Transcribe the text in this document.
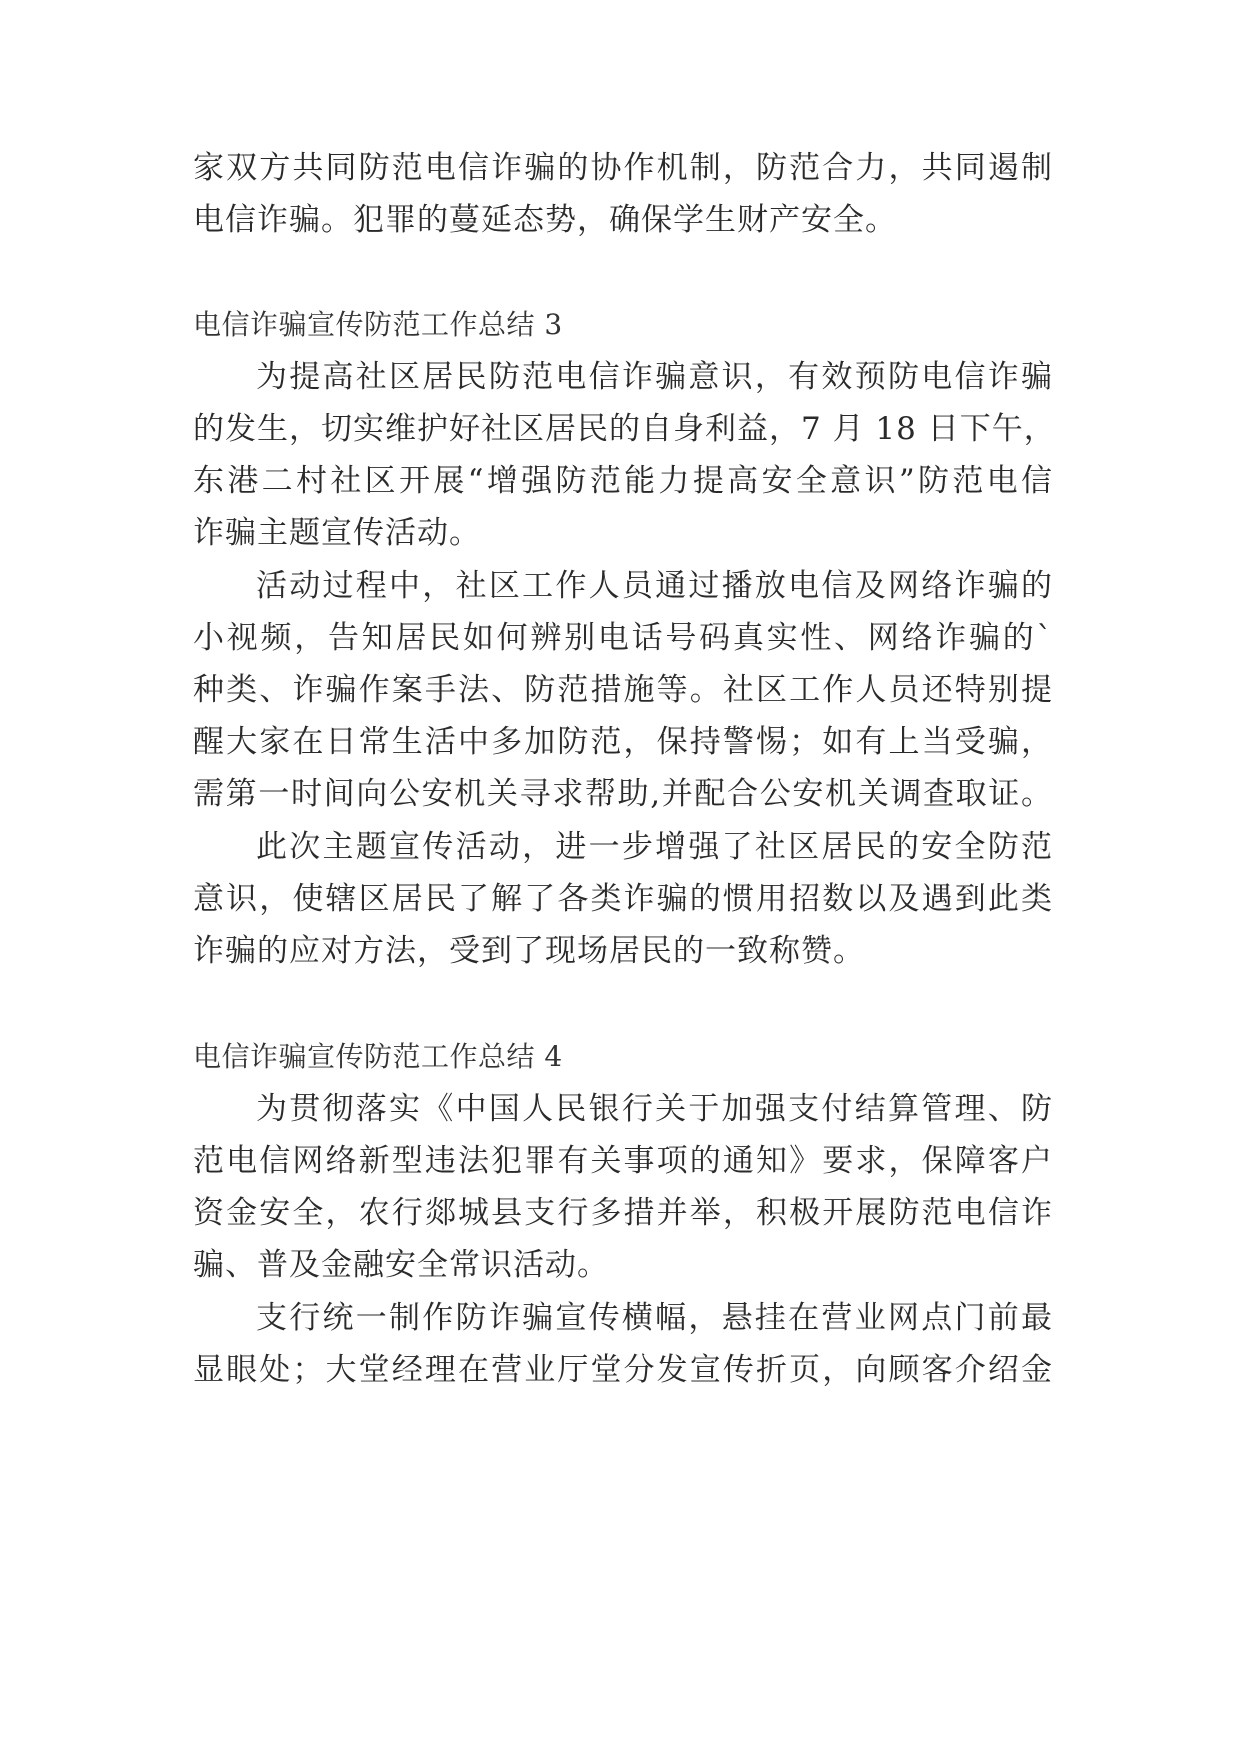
家双方共同防范电信诈骗的协作机制，防范合力，共同遏制
电信诈骗。犯罪的蔓延态势，确保学生财产安全。
电信诈骗宣传防范工作总结 3
为提高社区居民防范电信诈骗意识，有效预防电信诈骗
的发生，切实维护好社区居民的自身利益，7 月 18 日下午，
东港二村社区开展“增强防范能力提高安全意识”防范电信
诈骗主题宣传活动。
活动过程中，社区工作人员通过播放电信及网络诈骗的
小视频，告知居民如何辨别电话号码真实性、网络诈骗的`
种类、诈骗作案手法、防范措施等。社区工作人员还特别提
醒大家在日常生活中多加防范，保持警惕；如有上当受骗，
需第一时间向公安机关寻求帮助,并配合公安机关调查取证。
此次主题宣传活动，进一步增强了社区居民的安全防范
意识，使辖区居民了解了各类诈骗的惯用招数以及遇到此类
诈骗的应对方法，受到了现场居民的一致称赞。
电信诈骗宣传防范工作总结 4
为贯彻落实《中国人民银行关于加强支付结算管理、防
范电信网络新型违法犯罪有关事项的通知》要求，保障客户
资金安全，农行郯城县支行多措并举，积极开展防范电信诈
骗、普及金融安全常识活动。
支行统一制作防诈骗宣传横幅，悬挂在营业网点门前最
显眼处；大堂经理在营业厅堂分发宣传折页，向顾客介绍金
